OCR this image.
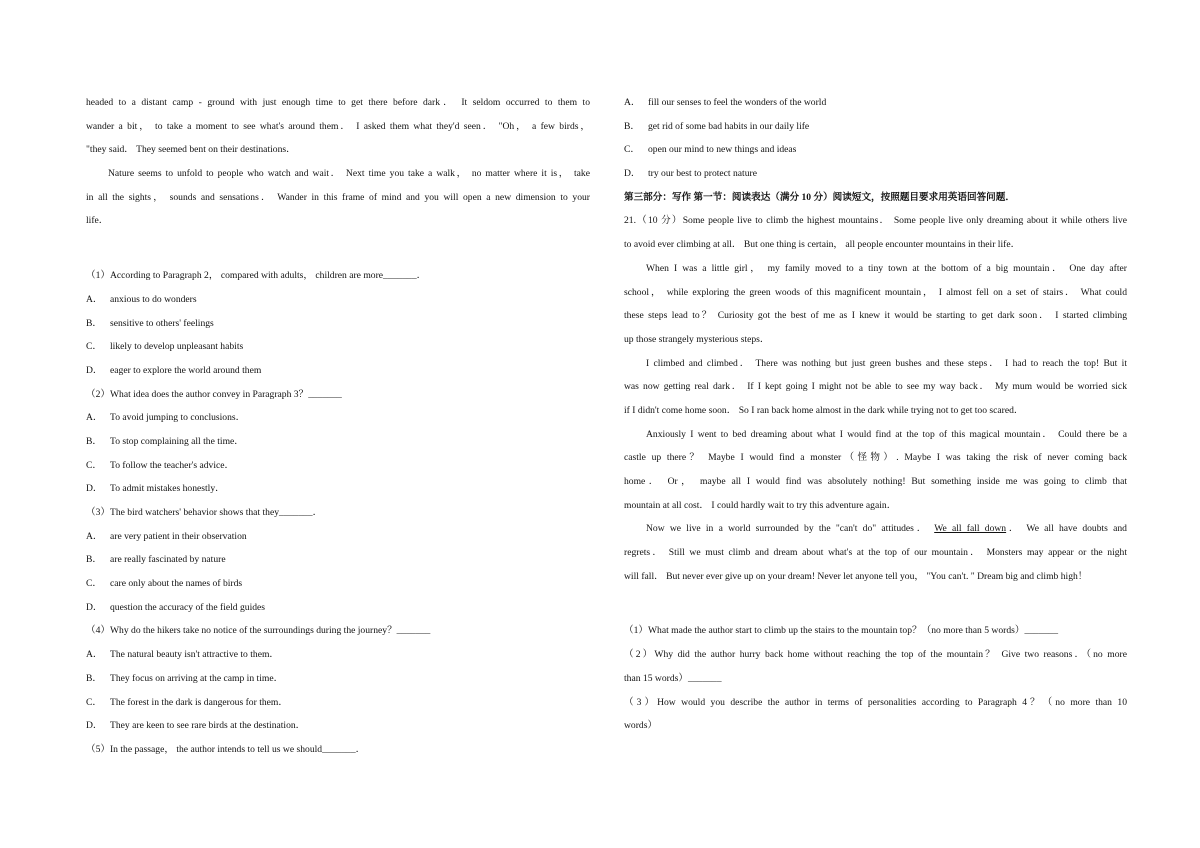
headed to a distant camp - ground with just enough time to get there before dark． It seldom occurred to them to
wander a bit， to take a moment to see what's around them． I asked them what they'd seen． "Oh， a few birds，
"they said． They seemed bent on their destinations．
Nature seems to unfold to people who watch and wait． Next time you take a walk， no matter where it is， take
in all the sights， sounds and sensations． Wander in this frame of mind and you will open a new dimension to your
life．
（1）According to Paragraph 2， compared with adults， children are more_______．
A． anxious to do wonders
B． sensitive to others' feelings
C． likely to develop unpleasant habits
D． eager to explore the world around them
（2）What idea does the author convey in Paragraph 3？_______
A． To avoid jumping to conclusions．
B． To stop complaining all the time．
C． To follow the teacher's advice．
D． To admit mistakes honestly．
（3）The bird watchers' behavior shows that they_______．
A． are very patient in their observation
B． are really fascinated by nature
C． care only about the names of birds
D． question the accuracy of the field guides
（4）Why do the hikers take no notice of the surroundings during the journey？_______
A． The natural beauty isn't attractive to them．
B． They focus on arriving at the camp in time．
C． The forest in the dark is dangerous for them．
D． They are keen to see rare birds at the destination．
（5）In the passage， the author intends to tell us we should_______．
A． fill our senses to feel the wonders of the world
B． get rid of some bad habits in our daily life
C． open our mind to new things and ideas
D． try our best to protect nature
第三部分：写作 第一节：阅读表达（满分 10 分）阅读短文，按照题目要求用英语回答问题．
21.（10 分）Some people live to climb the highest mountains． Some people live only dreaming about it while others live
to avoid ever climbing at all． But one thing is certain， all people encounter mountains in their life．
When I was a little girl， my family moved to a tiny town at the bottom of a big mountain． One day after
school， while exploring the green woods of this magnificent mountain， I almost fell on a set of stairs． What could
these steps lead to？ Curiosity got the best of me as I knew it would be starting to get dark soon． I started climbing
up those strangely mysterious steps．
I climbed and climbed． There was nothing but just green bushes and these steps． I had to reach the top! But it
was now getting real dark． If I kept going I might not be able to see my way back． My mum would be worried sick
if I didn't come home soon． So I ran back home almost in the dark while trying not to get too scared．
Anxiously I went to bed dreaming about what I would find at the top of this magical mountain． Could there be a
castle up there？ Maybe I would find a monster（怪物）. Maybe I was taking the risk of never coming back
home． Or， maybe all I would find was absolutely nothing! But something inside me was going to climb that
mountain at all cost． I could hardly wait to try this adventure again．
Now we live in a world surrounded by the "can't do" attitudes． We all fall down． We all have doubts and
regrets． Still we must climb and dream about what's at the top of our mountain． Monsters may appear or the night
will fall． But never ever give up on your dream! Never let anyone tell you， "You can't. " Dream big and climb high！
（1）What made the author start to climb up the stairs to the mountain top？（no more than 5 words）_______
（2）Why did the author hurry back home without reaching the top of the mountain？ Give two reasons．（no more
than 15 words）_______
（3）How would you describe the author in terms of personalities according to Paragraph 4？（no more than 10
words）
